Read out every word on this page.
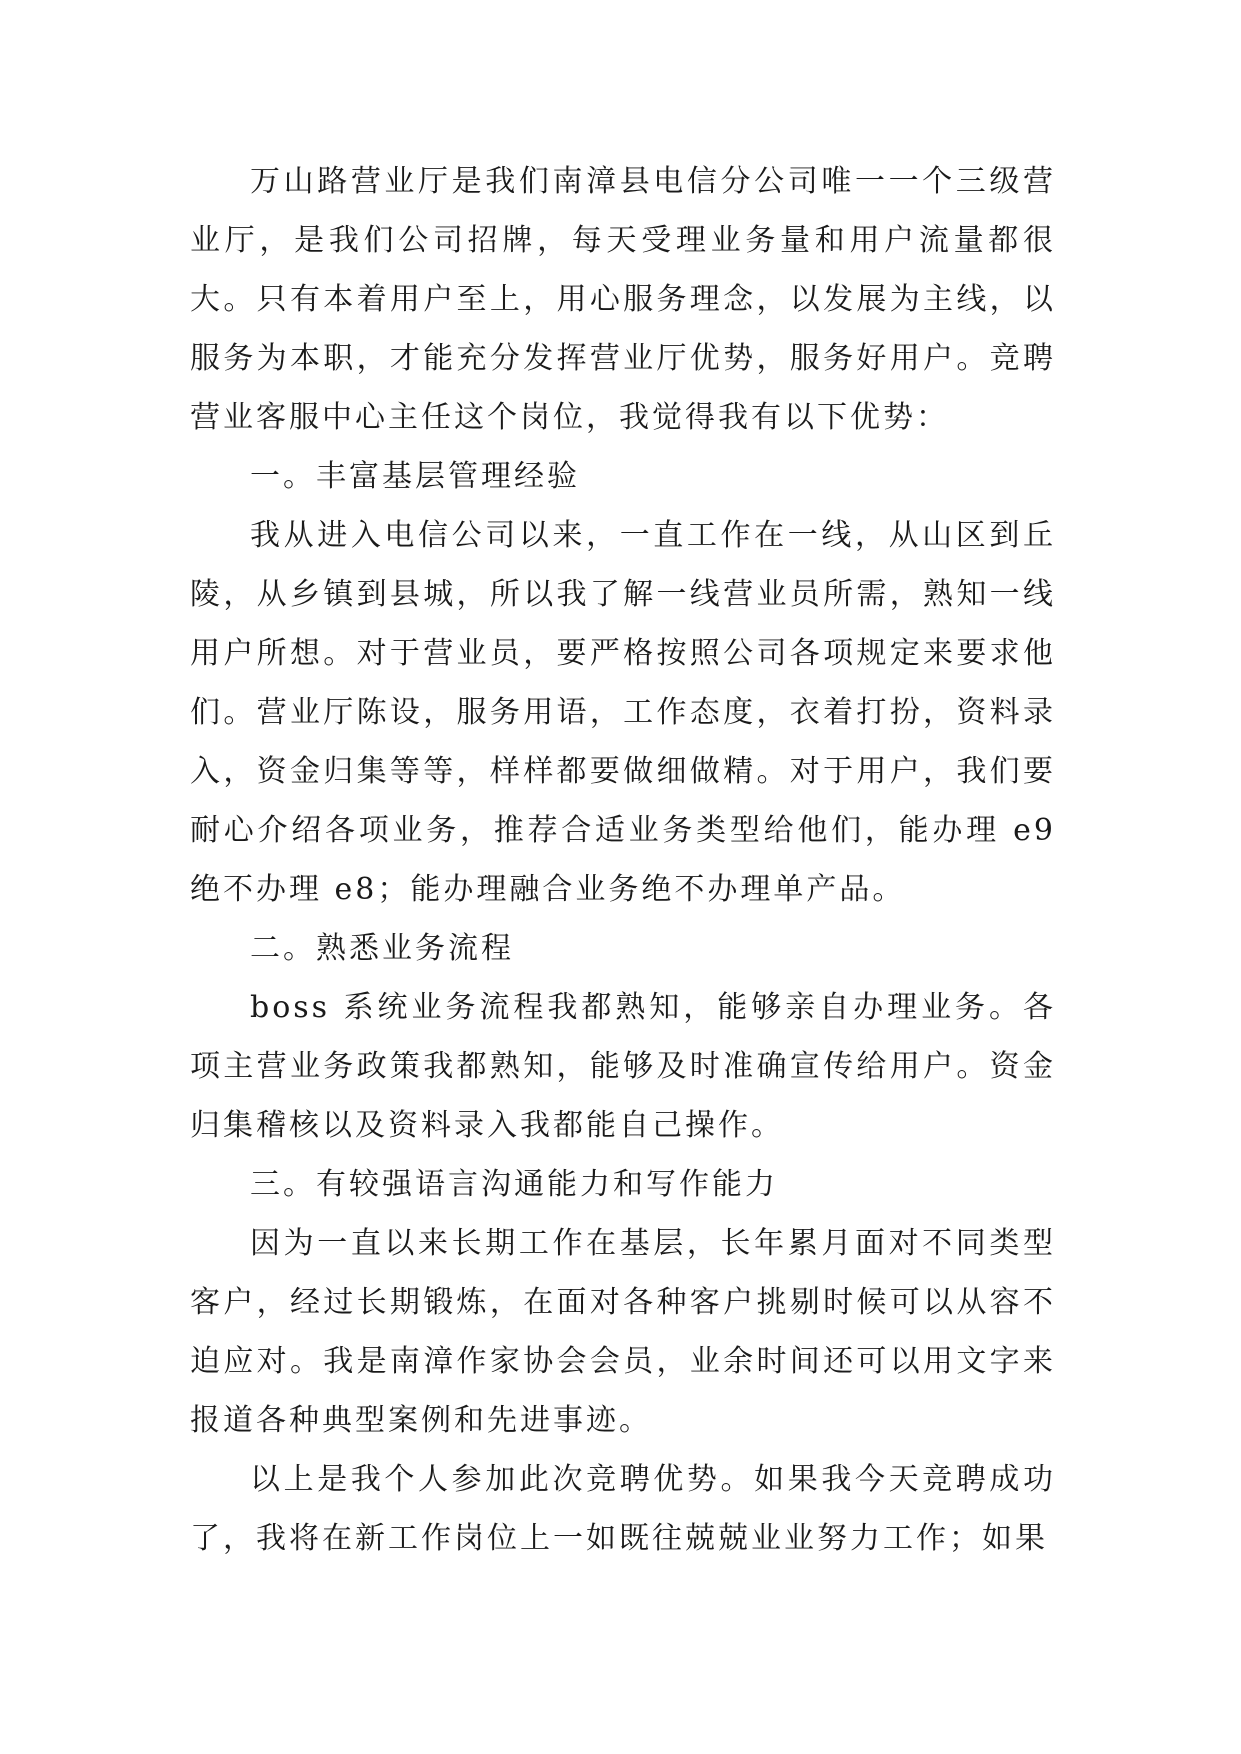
万山路营业厅是我们南漳县电信分公司唯一一个三级营业厅，是我们公司招牌，每天受理业务量和用户流量都很大。只有本着用户至上，用心服务理念，以发展为主线，以服务为本职，才能充分发挥营业厅优势，服务好用户。竞聘营业客服中心主任这个岗位，我觉得我有以下优势：

一。丰富基层管理经验

我从进入电信公司以来，一直工作在一线，从山区到丘陵，从乡镇到县城，所以我了解一线营业员所需，熟知一线用户所想。对于营业员，要严格按照公司各项规定来要求他们。营业厅陈设，服务用语，工作态度，衣着打扮，资料录入，资金归集等等，样样都要做细做精。对于用户，我们要耐心介绍各项业务，推荐合适业务类型给他们，能办理 e9 绝不办理 e8；能办理融合业务绝不办理单产品。

二。熟悉业务流程

boss 系统业务流程我都熟知，能够亲自办理业务。各项主营业务政策我都熟知，能够及时准确宣传给用户。资金归集稽核以及资料录入我都能自己操作。

三。有较强语言沟通能力和写作能力

因为一直以来长期工作在基层，长年累月面对不同类型客户，经过长期锻炼，在面对各种客户挑剔时候可以从容不迫应对。我是南漳作家协会会员，业余时间还可以用文字来报道各种典型案例和先进事迹。

以上是我个人参加此次竞聘优势。如果我今天竞聘成功了，我将在新工作岗位上一如既往兢兢业业努力工作；如果
